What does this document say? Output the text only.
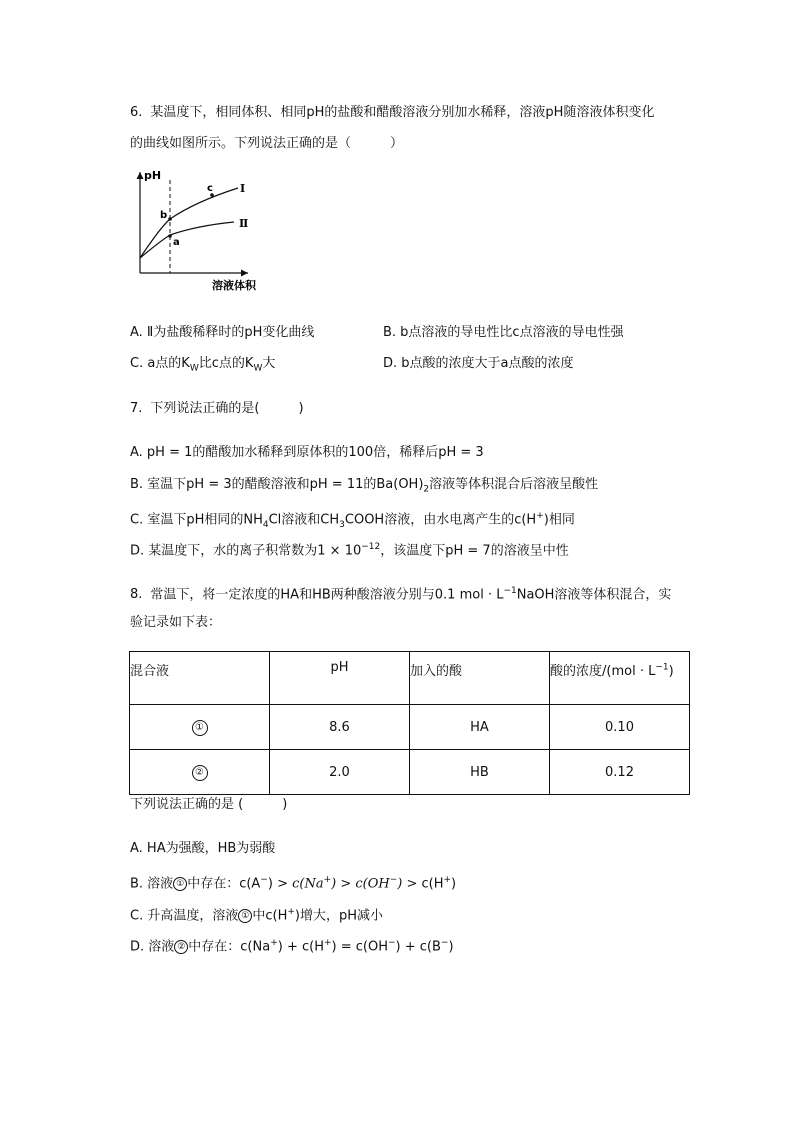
6. 某温度下，相同体积、相同pH的盐酸和醋酸溶液分别加水稀释，溶液pH随溶液体积变化
的曲线如图所示。下列说法正确的是（　　　）
pH
溶液体积
a
b
c Ⅰ
Ⅱ
A. Ⅱ为盐酸稀释时的pH变化曲线	B. b点溶液的导电性比c点溶液的导电性强
C. a点的$K_W$比c点的$K_W$大	D. b点酸的浓度大于a点酸的浓度
7. 下列说法正确的是(　　　)
A. pH = 1的醋酸加水稀释到原体积的100倍，稀释后pH = 3
B. 室温下pH = 3的醋酸溶液和pH = 11的$Ba(OH)_2$溶液等体积混合后溶液呈酸性
C. 室温下pH相同的$NH_4Cl$溶液和$CH_3COOH$溶液，由水电离产生的c(H+)相同
D. 某温度下，水的离子积常数为$1 \times 10^{-12}$，该温度下pH = 7的溶液呈中性
8. 常温下，将一定浓度的HA和HB两种酸溶液分别与0.1 mol · $L^{-1}NaOH$溶液等体积混合，实
验记录如下表：
混合液	pH	加入的酸	酸的浓度$/(mol \cdot L^{-1})$
①	8.6	HA	0.10
②	2.0	HB	0.12
下列说法正确的是 (　　　)
A. HA为强酸，HB为弱酸
B. 溶液 ① 中存在：c(A−) > c(Na+) > c(OH−) > c(H+)
C. 升高温度，溶液 ① 中c(H+)增大，pH减小
D. 溶液 ② 中存在：c(Na+) + c(H+) = c(OH−) + c(B−)
